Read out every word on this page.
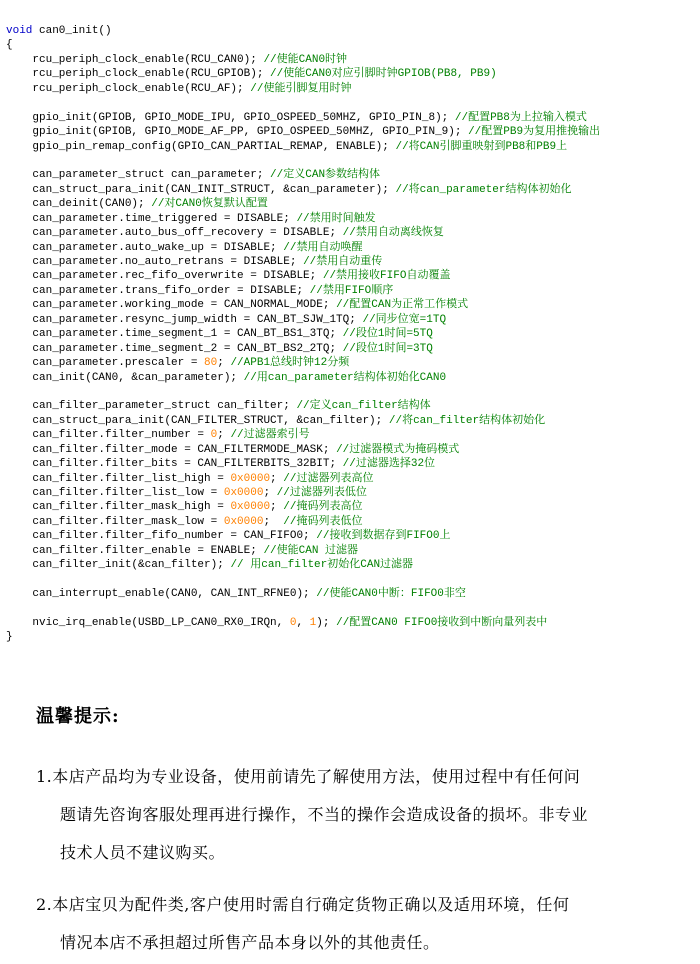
void can0_init()
{
rcu_periph_clock_enable(RCU_CAN0); //使能CAN0时钟
rcu_periph_clock_enable(RCU_GPIOB); //使能CAN0对应引脚时钟GPIOB(PB8, PB9)
rcu_periph_clock_enable(RCU_AF); //使能引脚复用时钟
gpio_init(GPIOB, GPIO_MODE_IPU, GPIO_OSPEED_50MHZ, GPIO_PIN_8); //配置PB8为上拉输入模式
gpio_init(GPIOB, GPIO_MODE_AF_PP, GPIO_OSPEED_50MHZ, GPIO_PIN_9); //配置PB9为复用推挽输出
gpio_pin_remap_config(GPIO_CAN_PARTIAL_REMAP, ENABLE); //将CAN引脚重映射到PB8和PB9上
can_parameter_struct can_parameter; //定义CAN参数结构体
can_struct_para_init(CAN_INIT_STRUCT, &can_parameter); //将can_parameter结构体初始化
can_deinit(CAN0); //对CAN0恢复默认配置
can_parameter.time_triggered = DISABLE; //禁用时间触发
can_parameter.auto_bus_off_recovery = DISABLE; //禁用自动离线恢复
can_parameter.auto_wake_up = DISABLE; //禁用自动唤醒
can_parameter.no_auto_retrans = DISABLE; //禁用自动重传
can_parameter.rec_fifo_overwrite = DISABLE; //禁用接收FIFO自动覆盖
can_parameter.trans_fifo_order = DISABLE; //禁用FIFO顺序
can_parameter.working_mode = CAN_NORMAL_MODE; //配置CAN为正常工作模式
can_parameter.resync_jump_width = CAN_BT_SJW_1TQ; //同步位宽=1TQ
can_parameter.time_segment_1 = CAN_BT_BS1_3TQ; //段位1时间=5TQ
can_parameter.time_segment_2 = CAN_BT_BS2_2TQ; //段位1时间=3TQ
can_parameter.prescaler = 80; //APB1总线时钟12分频
can_init(CAN0, &can_parameter); //用can_parameter结构体初始化CAN0
can_filter_parameter_struct can_filter; //定义can_filter结构体
can_struct_para_init(CAN_FILTER_STRUCT, &can_filter); //将can_filter结构体初始化
can_filter.filter_number = 0; //过滤器索引号
can_filter.filter_mode = CAN_FILTERMODE_MASK; //过滤器模式为掩码模式
can_filter.filter_bits = CAN_FILTERBITS_32BIT; //过滤器选择32位
can_filter.filter_list_high = 0x0000; //过滤器列表高位
can_filter.filter_list_low = 0x0000; //过滤器列表低位
can_filter.filter_mask_high = 0x0000; //掩码列表高位
can_filter.filter_mask_low = 0x0000;  //掩码列表低位
can_filter.filter_fifo_number = CAN_FIFO0; //接收到数据存到FIFO0上
can_filter.filter_enable = ENABLE; //使能CAN 过滤器
can_filter_init(&can_filter); // 用can_filter初始化CAN过滤器
can_interrupt_enable(CAN0, CAN_INT_RFNE0); //使能CAN0中断：FIFO0非空
nvic_irq_enable(USBD_LP_CAN0_RX0_IRQn, 0, 1); //配置CAN0 FIFO0接收到中断向量列表中
}
温馨提示:
1.本店产品均为专业设备，使用前请先了解使用方法，使用过程中有任何问
题请先咨询客服处理再进行操作，不当的操作会造成设备的损坏。非专业
技术人员不建议购买。
2.本店宝贝为配件类,客户使用时需自行确定货物正确以及适用环境，任何
情况本店不承担超过所售产品本身以外的其他责任。
